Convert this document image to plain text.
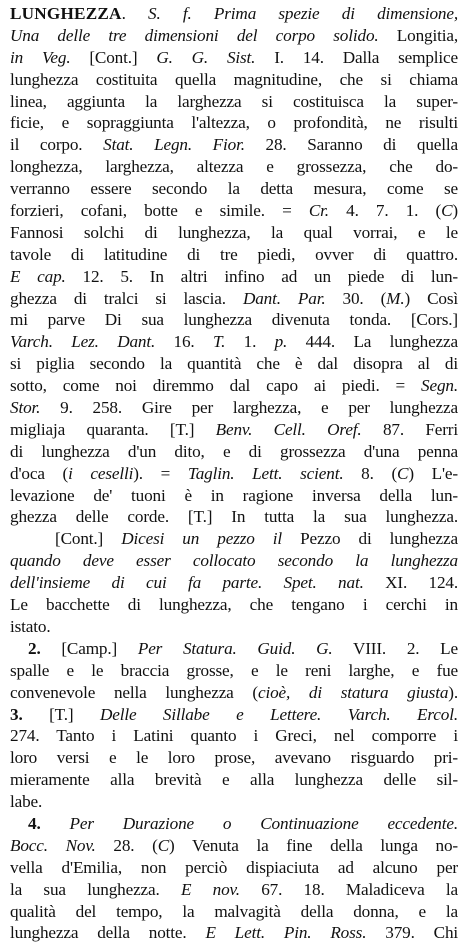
LUNGHEZZA. S. f. Prima spezie di dimensione,
Una delle tre dimensioni del corpo solido. Longitia,
in Veg. [Cont.] G. G. Sist. I. 14. Dalla semplice
lunghezza costituita quella magnitudine, che si chiama
linea, aggiunta la larghezza si costituisca la super-
ficie, e sopraggiunta l'altezza, o profondità, ne risulti
il corpo. Stat. Legn. Fior. 28. Saranno di quella
longhezza, larghezza, altezza e grossezza, che do-
verranno essere secondo la detta mesura, come se
forzieri, cofani, botte e simile. = Cr. 4. 7. 1. (C)
Fannosi solchi di lunghezza, la qual vorrai, e le
tavole di latitudine di tre piedi, ovver di quattro.
E cap. 12. 5. In altri infino ad un piede di lun-
ghezza di tralci si lascia. Dant. Par. 30. (M.) Così
mi parve Di sua lunghezza divenuta tonda. [Cors.]
Varch. Lez. Dant. 16. T. 1. p. 444. La lunghezza
si piglia secondo la quantità che è dal disopra al di
sotto, come noi diremmo dal capo ai piedi. = Segn.
Stor. 9. 258. Gire per larghezza, e per lunghezza
migliaja quaranta. [T.] Benv. Cell. Oref. 87. Ferri
di lunghezza d'un dito, e di grossezza d'una penna
d'oca (i ceselli). = Taglin. Lett. scient. 8. (C) L'e-
levazione de' tuoni è in ragione inversa della lun-
ghezza delle corde. [T.] In tutta la sua lunghezza.
[Cont.] Dicesi un pezzo il Pezzo di lunghezza
quando deve esser collocato secondo la lunghezza
dell'insieme di cui fa parte. Spet. nat. XI. 124.
Le bacchette di lunghezza, che tengano i cerchi in
istato.
2. [Camp.] Per Statura. Guid. G. VIII. 2. Le
spalle e le braccia grosse, e le reni larghe, e fue
convenevole nella lunghezza (cioè, di statura giusta).
3. [T.] Delle Sillabe e Lettere. Varch. Ercol.
274. Tanto i Latini quanto i Greci, nel comporre i
loro versi e le loro prose, avevano risguardo pri-
mieramente alla brevità e alla lunghezza delle sil-
labe.
4. Per Durazione o Continuazione eccedente.
Bocc. Nov. 28. (C) Venuta la fine della lunga no-
vella d'Emilia, non perciò dispiaciuta ad alcuno per
la sua lunghezza. E nov. 67. 18. Maladiceva la
qualità del tempo, la malvagità della donna, e la
lunghezza della notte. E Lett. Pin. Ross. 379. Chi
